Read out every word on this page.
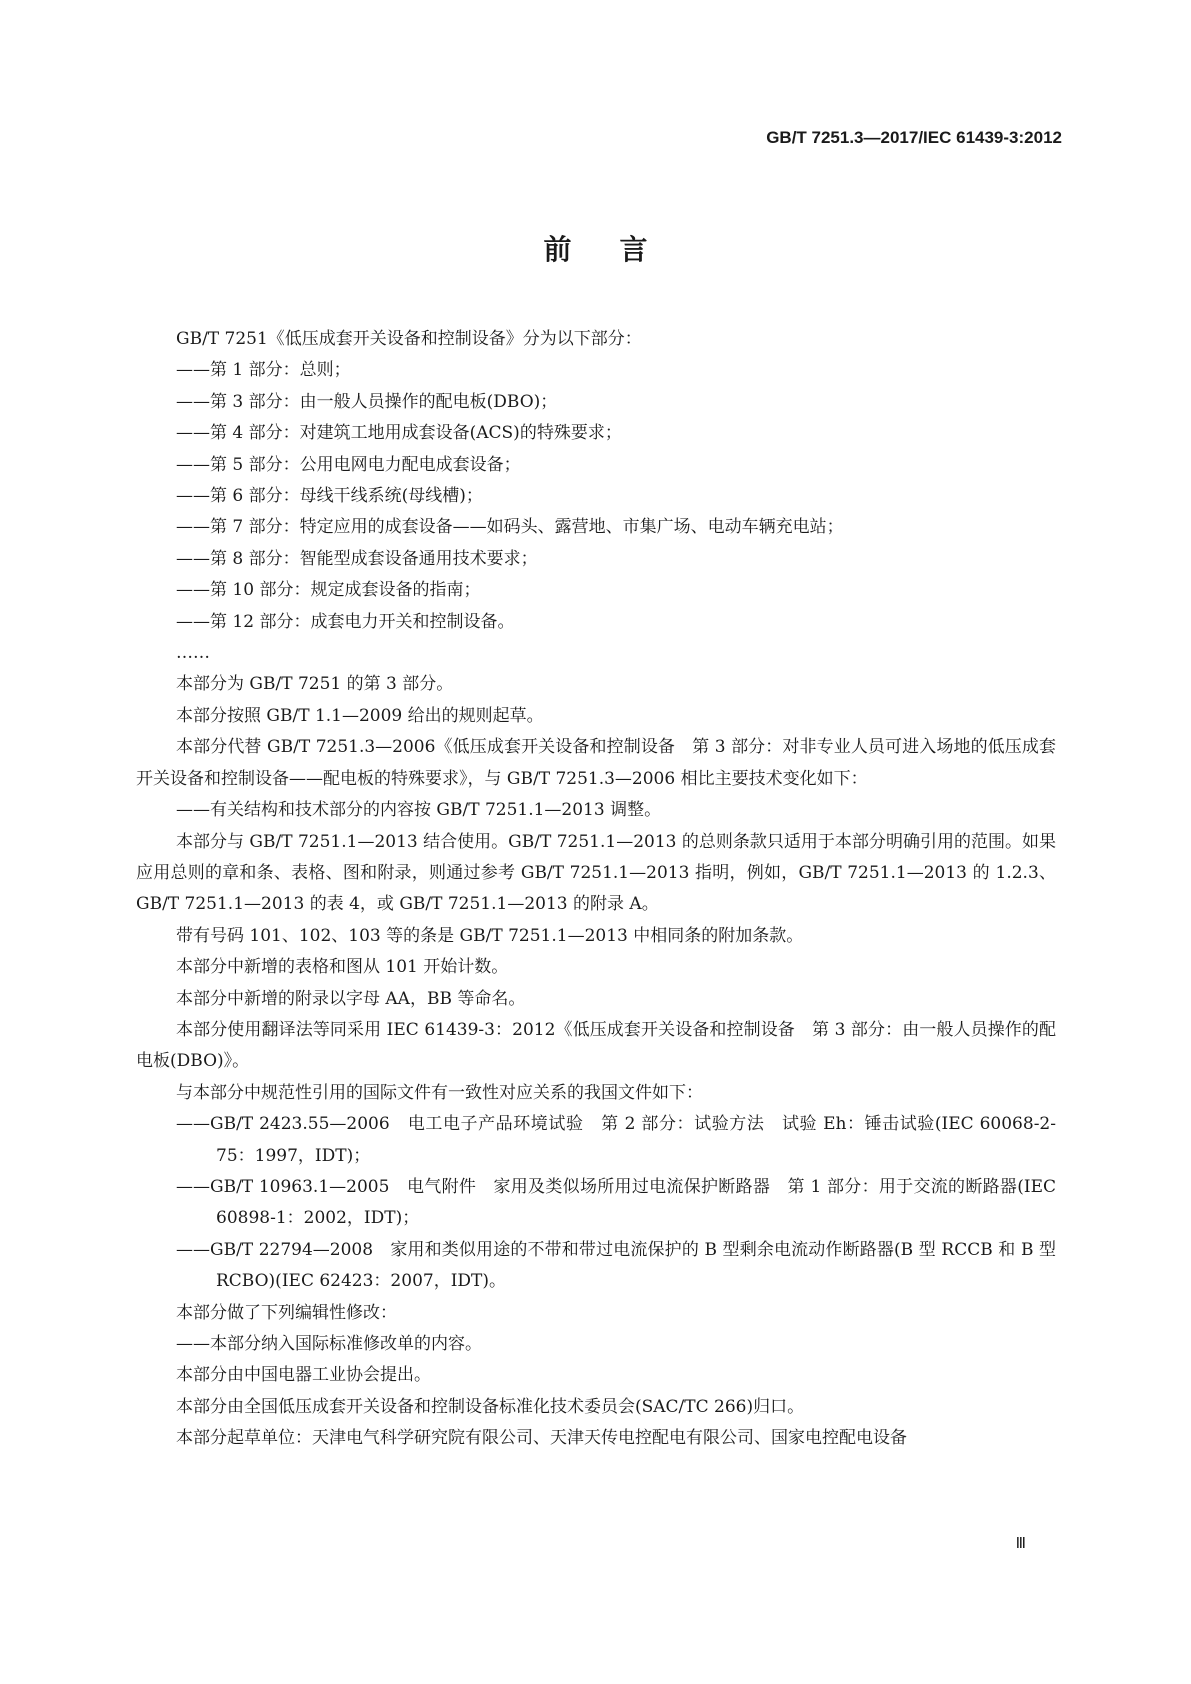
GB/T 7251.3—2017/IEC 61439-3:2012
前言

GB/T 7251《低压成套开关设备和控制设备》分为以下部分：

——第 1 部分：总则；

——第 3 部分：由一般人员操作的配电板(DBO)；

——第 4 部分：对建筑工地用成套设备(ACS)的特殊要求；

——第 5 部分：公用电网电力配电成套设备；

——第 6 部分：母线干线系统(母线槽)；

——第 7 部分：特定应用的成套设备——如码头、露营地、市集广场、电动车辆充电站；

——第 8 部分：智能型成套设备通用技术要求；

——第 10 部分：规定成套设备的指南；

——第 12 部分：成套电力开关和控制设备。

……

本部分为 GB/T 7251 的第 3 部分。

本部分按照 GB/T 1.1—2009 给出的规则起草。

本部分代替 GB/T 7251.3—2006《低压成套开关设备和控制设备　第 3 部分：对非专业人员可进入场地的低压成套开关设备和控制设备——配电板的特殊要求》，与 GB/T 7251.3—2006 相比主要技术变化如下：

——有关结构和技术部分的内容按 GB/T 7251.1—2013 调整。

本部分与 GB/T 7251.1—2013 结合使用。GB/T 7251.1—2013 的总则条款只适用于本部分明确引用的范围。如果应用总则的章和条、表格、图和附录，则通过参考 GB/T 7251.1—2013 指明，例如，GB/T 7251.1—2013 的 1.2.3、GB/T 7251.1—2013 的表 4，或 GB/T 7251.1—2013 的附录 A。

带有号码 101、102、103 等的条是 GB/T 7251.1—2013 中相同条的附加条款。

本部分中新增的表格和图从 101 开始计数。

本部分中新增的附录以字母 AA，BB 等命名。

本部分使用翻译法等同采用 IEC 61439-3：2012《低压成套开关设备和控制设备　第 3 部分：由一般人员操作的配电板(DBO)》。

与本部分中规范性引用的国际文件有一致性对应关系的我国文件如下：

——GB/T 2423.55—2006　电工电子产品环境试验　第 2 部分：试验方法　试验 Eh：锤击试验(IEC 60068-2-75：1997，IDT)；

——GB/T 10963.1—2005　电气附件　家用及类似场所用过电流保护断路器　第 1 部分：用于交流的断路器(IEC 60898-1：2002，IDT)；

——GB/T 22794—2008　家用和类似用途的不带和带过电流保护的 B 型剩余电流动作断路器(B 型 RCCB 和 B 型 RCBO)(IEC 62423：2007，IDT)。

本部分做了下列编辑性修改：

——本部分纳入国际标准修改单的内容。

本部分由中国电器工业协会提出。

本部分由全国低压成套开关设备和控制设备标准化技术委员会(SAC/TC 266)归口。

本部分起草单位：天津电气科学研究院有限公司、天津天传电控配电有限公司、国家电控配电设备

Ⅲ
